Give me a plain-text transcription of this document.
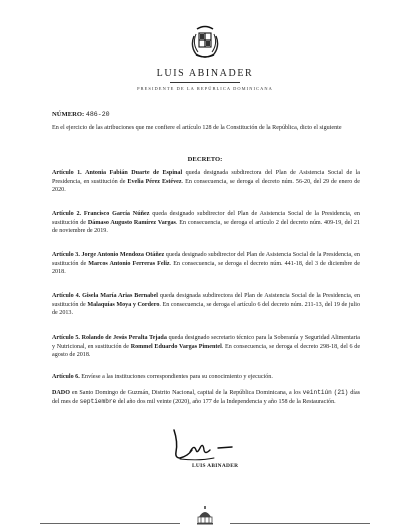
LUIS ABINADER
PRESIDENTE DE LA REPÚBLICA DOMINICANA
NÚMERO: 486-20
En el ejercicio de las atribuciones que me confiere el artículo 128 de la Constitución de la República, dicto el siguiente
DECRETO:
Artículo 1. Antonia Fabián Duarte de Espinal queda designada subdirectora del Plan de Asistencia Social de la Presidencia, en sustitución de Evelia Pérez Estévez. En consecuencia, se deroga el decreto núm. 56-20, del 29 de enero de 2020.
Artículo 2. Francisco García Núñez queda designado subdirector del Plan de Asistencia Social de la Presidencia, en sustitución de Dámaso Augusto Ramírez Vargas. En consecuencia, se deroga el artículo 2 del decreto núm. 409-19, del 21 de noviembre de 2019.
Artículo 3. Jorge Antonio Mendoza Otáñez queda designado subdirector del Plan de Asistencia Social de la Presidencia, en sustitución de Marcos Antonio Ferreras Feliz. En consecuencia, se deroga el decreto núm. 441-18, del 3 de diciembre de 2018.
Artículo 4. Gisela María Arias Bernabel queda designada subdirectora del Plan de Asistencia Social de la Presidencia, en sustitución de Malaquías Moya y Cordero. En consecuencia, se deroga el artículo 6 del decreto núm. 211-13, del 19 de julio de 2013.
Artículo 5. Rolando de Jesús Peralta Tejada queda designado secretario técnico para la Soberanía y Seguridad Alimentaria y Nutricional, en sustitución de Rommel Eduardo Vargas Pimentel. En consecuencia, se deroga el decreto 298-18, del 6 de agosto de 2018.
Artículo 6. Envíese a las instituciones correspondientes para su conocimiento y ejecución.
DADO en Santo Domingo de Guzmán, Distrito Nacional, capital de la República Dominicana, a los veintiún (21) días del mes de septiembre del año dos mil veinte (2020), año 177 de la Independencia y año 158 de la Restauración.
LUIS ABINADER
